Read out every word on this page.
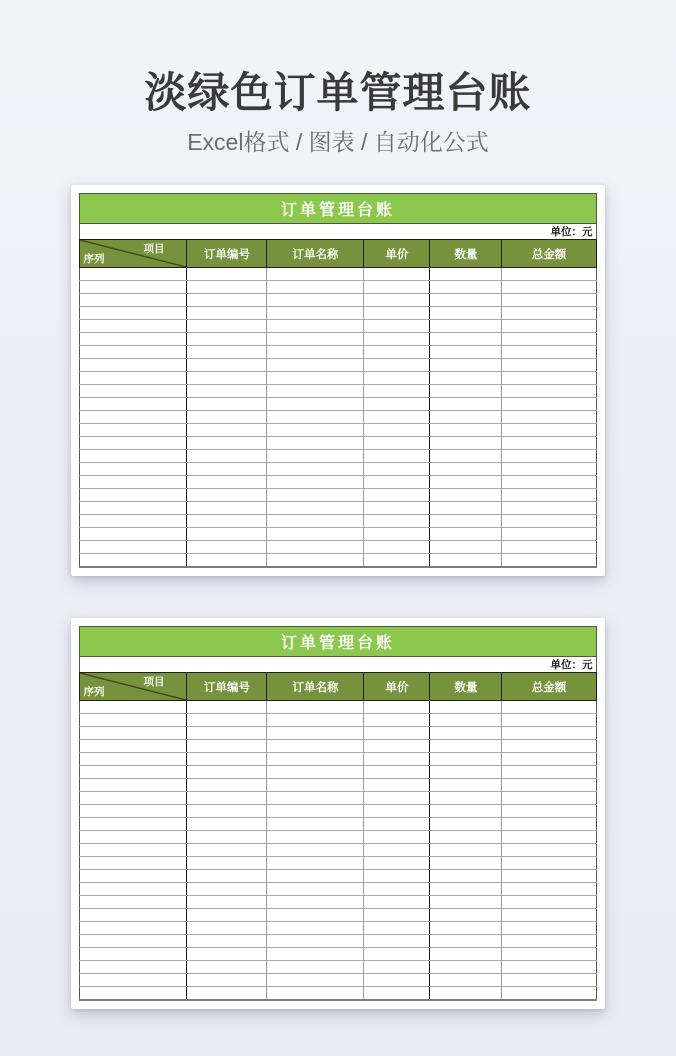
淡绿色订单管理台账
Excel格式 / 图表 / 自动化公式
订单管理台账					
单位：元					

项目
序列	订单编号	订单名称	单价	数量	总金额

订单管理台账					
单位：元					

项目
序列	订单编号	订单名称	单价	数量	总金额
